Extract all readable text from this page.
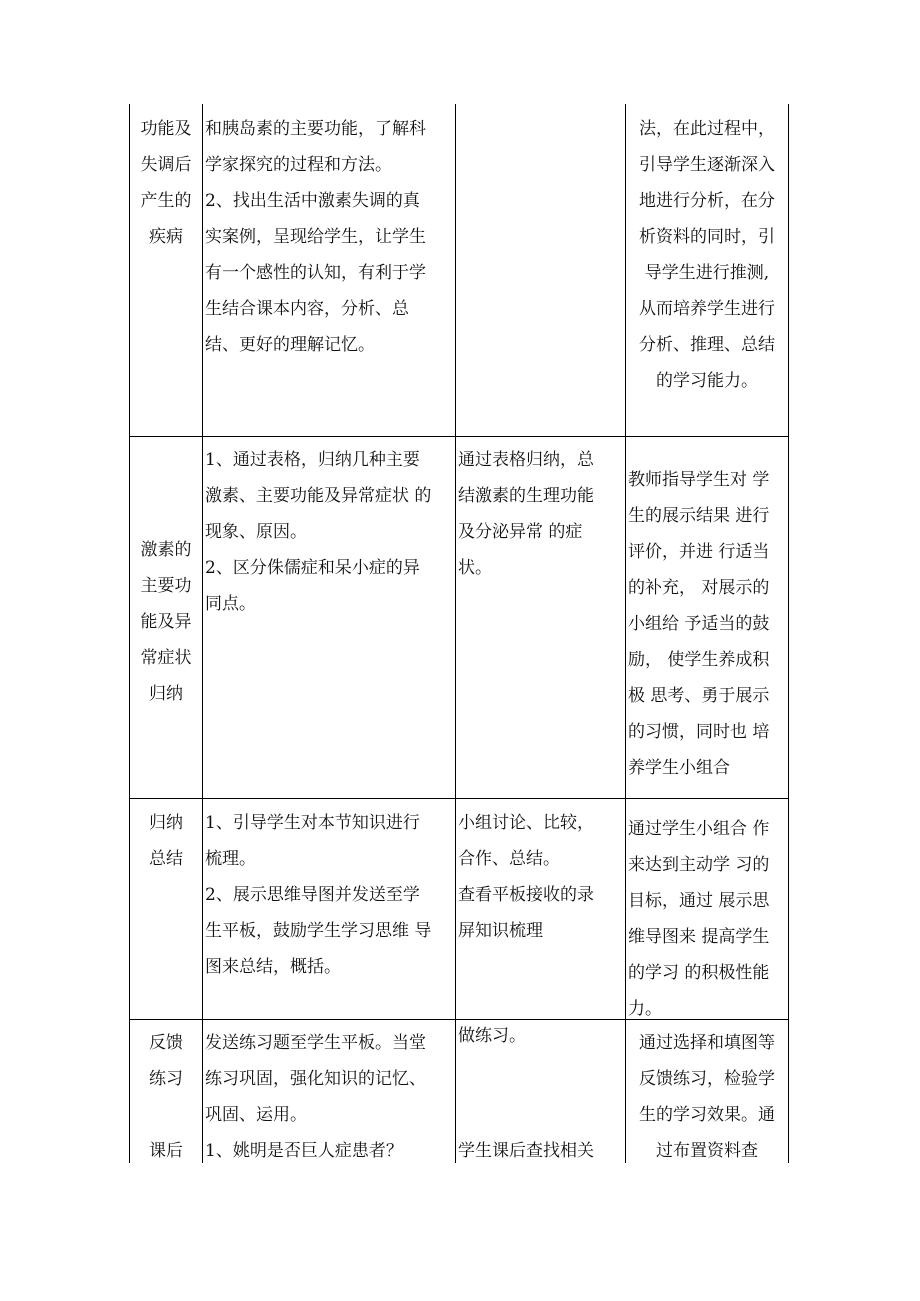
功能及
失调后
产生的
疾病
和胰岛素的主要功能，了解科
学家探究的过程和方法。
2、找出生活中激素失调的真
实案例，呈现给学生，让学生
有一个感性的认知，有利于学
生结合课本内容，分析、总
结、更好的理解记忆。
法，在此过程中，
引导学生逐渐深入
地进行分析，在分
析资料的同时，引
导学生进行推测,
从而培养学生进行
分析、推理、总结
的学习能力。
激素的
主要功
能及异
常症状
归纳
1、通过表格，归纳几种主要
激素、主要功能及异常症状 的
现象、原因。
2、区分侏儒症和呆小症的异
同点。
通过表格归纳，总
结激素的生理功能
及分泌异常 的症
状。
教师指导学生对 学
生的展示结果 进行
评价，并进 行适当
的补充， 对展示的
小组给 予适当的鼓
励， 使学生养成积
极 思考、勇于展示
的习惯，同时也 培
养学生小组合
归纳
总结
1、引导学生对本节知识进行
梳理。
2、展示思维导图并发送至学
生平板，鼓励学生学习思维 导
图来总结，概括。
小组讨论、比较，
合作、总结。
查看平板接收的录
屏知识梳理
通过学生小组合 作
来达到主动学 习的
目标，通过 展示思
维导图来 提高学生
的学习 的积极性能
力。
反馈
练习
课后
发送练习题至学生平板。当堂
练习巩固，强化知识的记忆、
巩固、运用。
1、姚明是否巨人症患者？
做练习。
学生课后查找相关
通过选择和填图等
反馈练习，检验学
生的学习效果。通
过布置资料查
